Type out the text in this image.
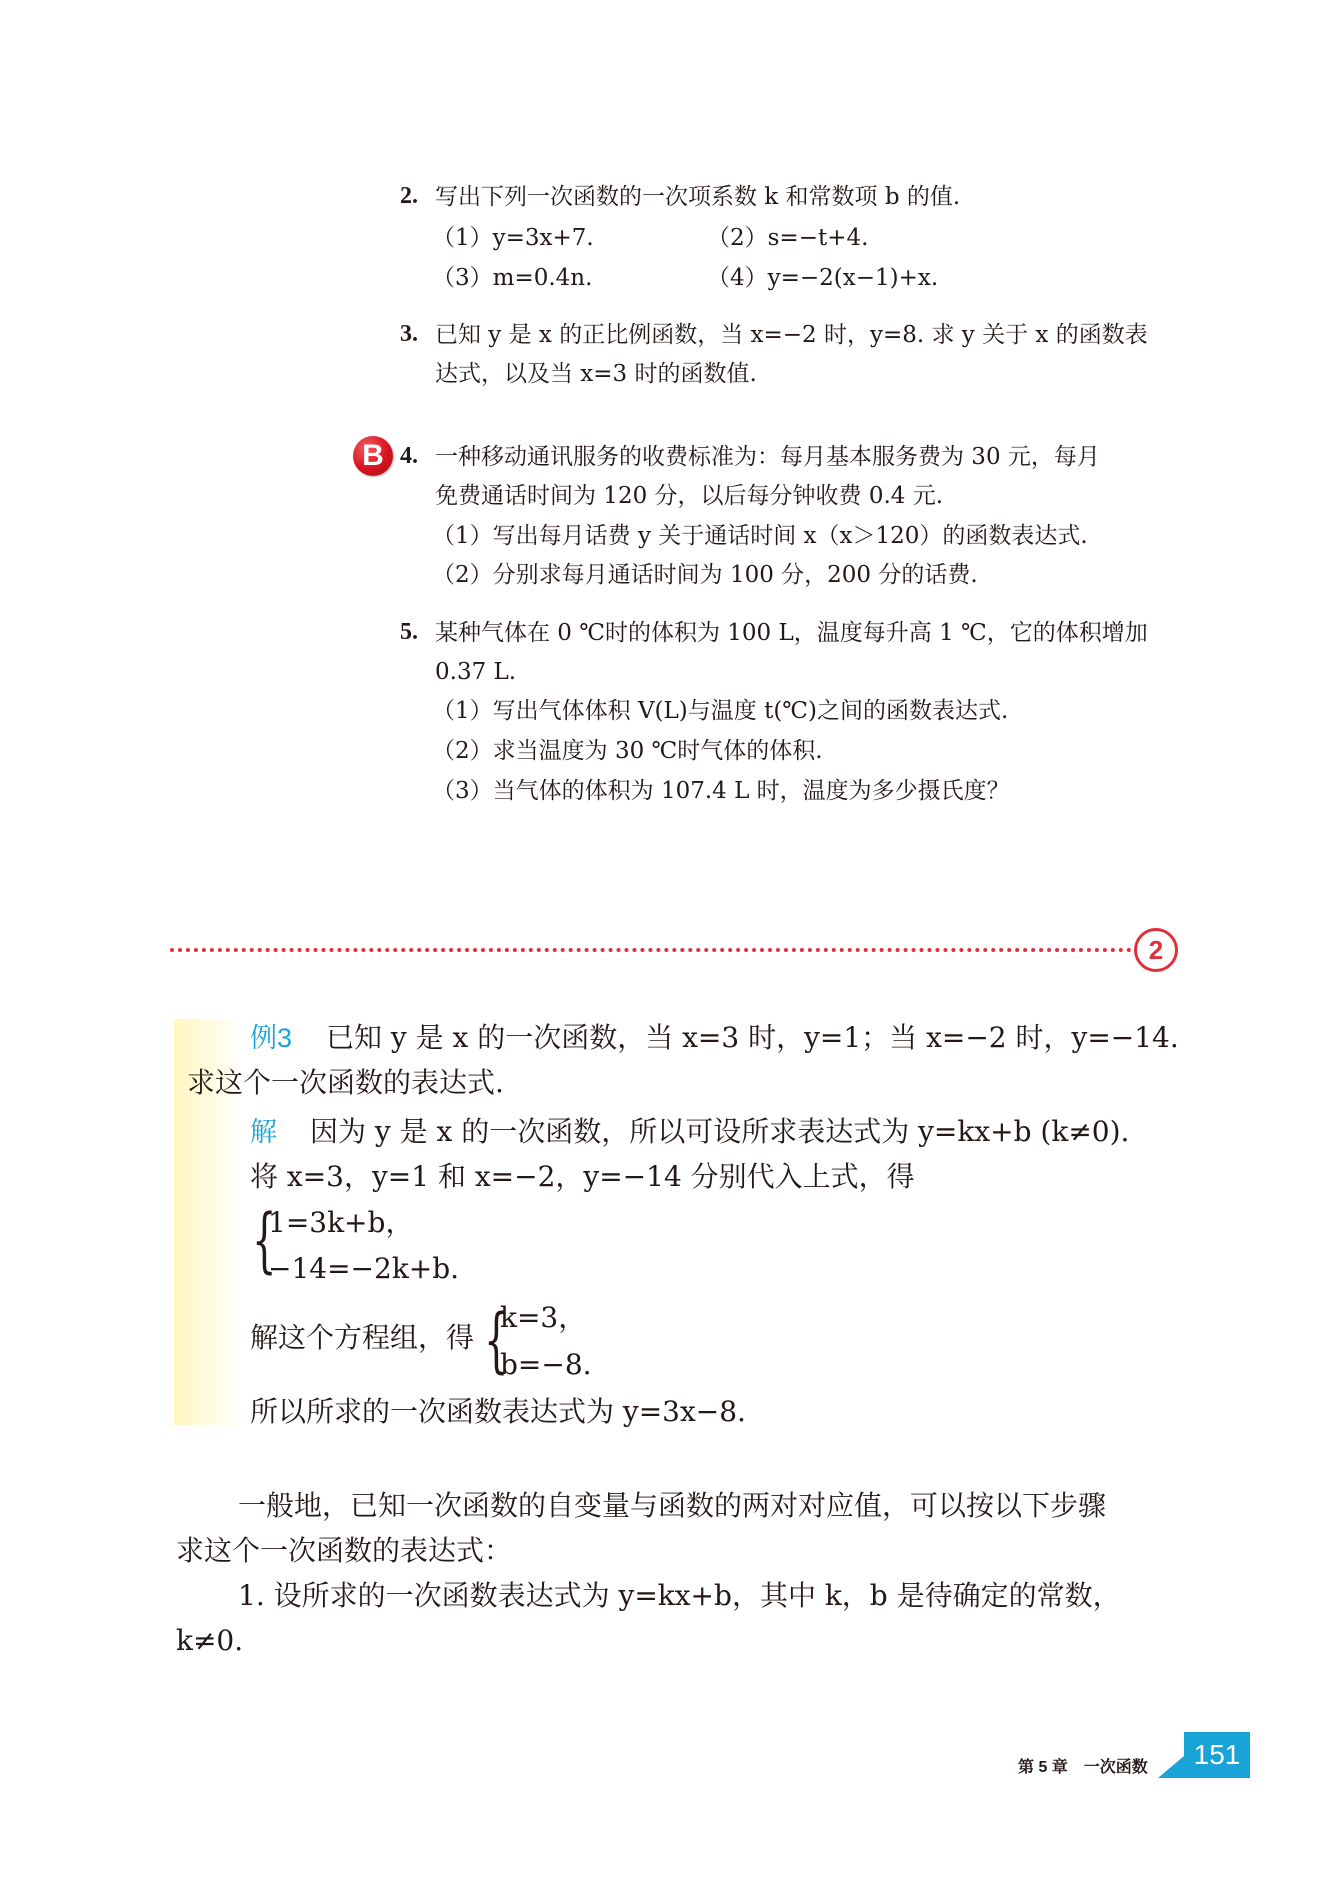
2. 写出下列一次函数的一次项系数 k 和常数项 b 的值.
（1）y=3x+7.	（2）s=−t+4.
（3）m=0.4n.	（4）y=−2(x−1)+x.
3. 已知 y 是 x 的正比例函数，当 x=−2 时，y=8. 求 y 关于 x 的函数表
达式，以及当 x=3 时的函数值.
B 4. 一种移动通讯服务的收费标准为：每月基本服务费为 30 元，每月
免费通话时间为 120 分，以后每分钟收费 0.4 元.
（1）写出每月话费 y 关于通话时间 x（x＞120）的函数表达式.
（2）分别求每月通话时间为 100 分，200 分的话费.
5. 某种气体在 0 ℃时的体积为 100 L，温度每升高 1 ℃，它的体积增加
0.37 L.
（1）写出气体体积 V(L)与温度 t(℃)之间的函数表达式.
（2）求当温度为 30 ℃时气体的体积.
（3）当气体的体积为 107.4 L 时，温度为多少摄氏度？
2
例3 已知 y 是 x 的一次函数，当 x=3 时，y=1；当 x=−2 时，y=−14.
求这个一次函数的表达式.
解 因为 y 是 x 的一次函数，所以可设所求表达式为 y=kx+b (k≠0).
将 x=3，y=1 和 x=−2，y=−14 分别代入上式，得
{
1=3k+b，
−14=−2k+b.
解这个方程组，得 {
k=3，
b=−8.
所以所求的一次函数表达式为 y=3x−8.
一般地，已知一次函数的自变量与函数的两对对应值，可以按以下步骤
求这个一次函数的表达式：
1. 设所求的一次函数表达式为 y=kx+b，其中 k，b 是待确定的常数，
k≠0.
第 5 章　一次函数	151
